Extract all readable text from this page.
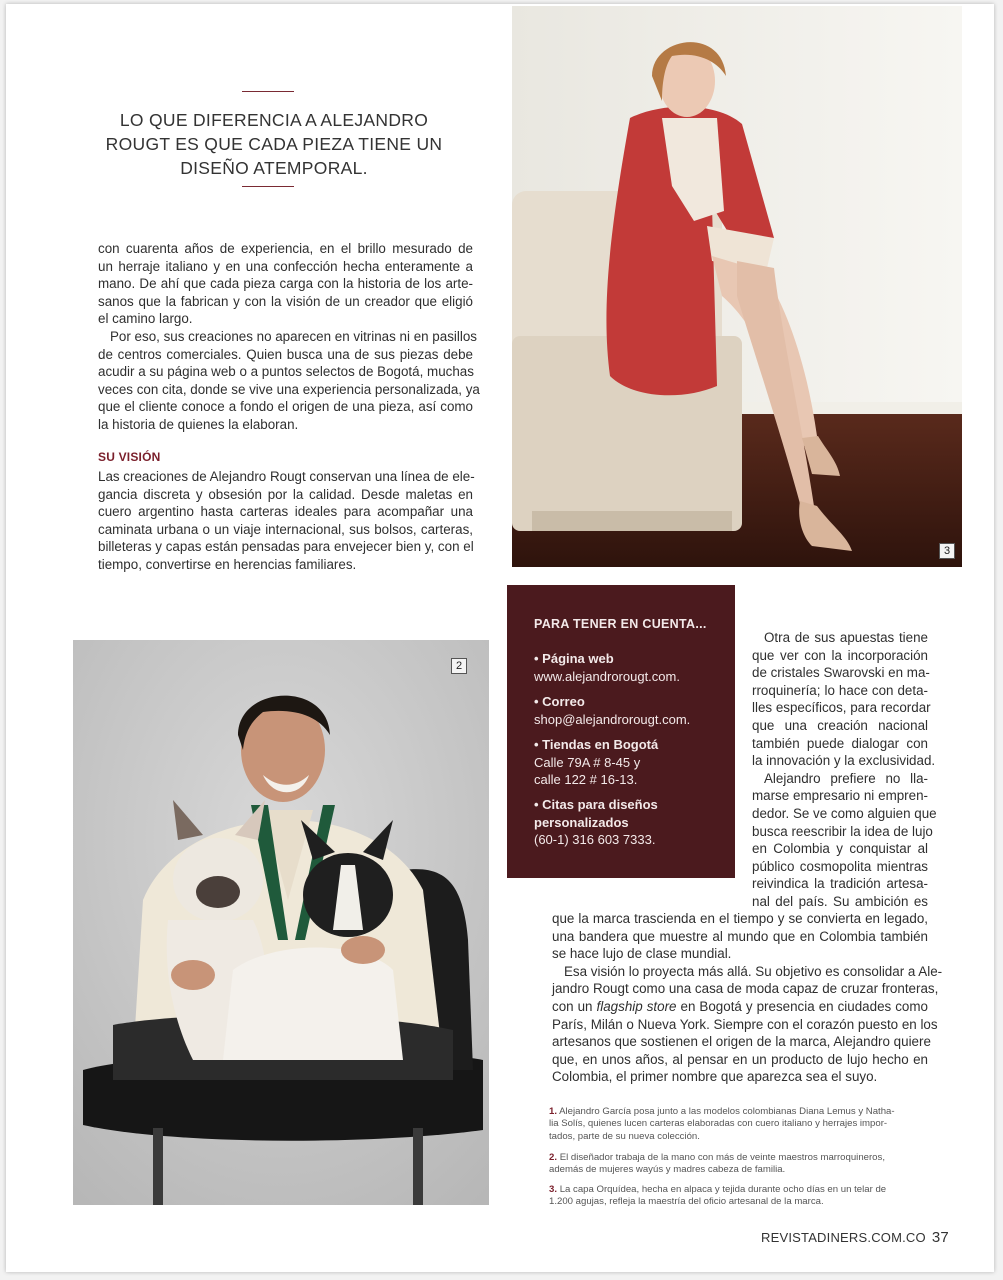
LO QUE DIFERENCIA A ALEJANDRO
ROUGT ES QUE CADA PIEZA TIENE UN
DISEÑO ATEMPORAL.
con cuarenta años de experiencia, en el brillo mesurado de
un herraje italiano y en una confección hecha enteramente a
mano. De ahí que cada pieza carga con la historia de los arte-
sanos que la fabrican y con la visión de un creador que eligió
el camino largo.
Por eso, sus creaciones no aparecen en vitrinas ni en pasillos
de centros comerciales. Quien busca una de sus piezas debe
acudir a su página web o a puntos selectos de Bogotá, muchas
veces con cita, donde se vive una experiencia personalizada, ya
que el cliente conoce a fondo el origen de una pieza, así como
la historia de quienes la elaboran.
SU VISIÓN
Las creaciones de Alejandro Rougt conservan una línea de ele-
gancia discreta y obsesión por la calidad. Desde maletas en
cuero argentino hasta carteras ideales para acompañar una
caminata urbana o un viaje internacional, sus bolsos, carteras,
billeteras y capas están pensadas para envejecer bien y, con el
tiempo, convertirse en herencias familiares.
3
2
PARA TENER EN CUENTA...
• Página web
www.alejandrorougt.com.
• Correo
shop@alejandrorougt.com.
• Tiendas en Bogotá
Calle 79A # 8-45 y
calle 122 # 16-13.
• Citas para diseños
personalizados
(60-1) 316 603 7333.
Otra de sus apuestas tiene
que ver con la incorporación
de cristales Swarovski en ma-
rroquinería; lo hace con deta-
lles específicos, para recordar
que una creación nacional
también puede dialogar con
la innovación y la exclusividad.
Alejandro prefiere no lla-
marse empresario ni empren-
dedor. Se ve como alguien que
busca reescribir la idea de lujo
en Colombia y conquistar al
público cosmopolita mientras
reivindica la tradición artesa-
nal del país. Su ambición es
que la marca trascienda en el tiempo y se convierta en legado,
una bandera que muestre al mundo que en Colombia también
se hace lujo de clase mundial.
Esa visión lo proyecta más allá. Su objetivo es consolidar a Ale-
jandro Rougt como una casa de moda capaz de cruzar fronteras,
con un flagship store en Bogotá y presencia en ciudades como
París, Milán o Nueva York. Siempre con el corazón puesto en los
artesanos que sostienen el origen de la marca, Alejandro quiere
que, en unos años, al pensar en un producto de lujo hecho en
Colombia, el primer nombre que aparezca sea el suyo.
1. Alejandro García posa junto a las modelos colombianas Diana Lemus y Natha-
lia Solís, quienes lucen carteras elaboradas con cuero italiano y herrajes impor-
tados, parte de su nueva colección.
2. El diseñador trabaja de la mano con más de veinte maestros marroquineros,
además de mujeres wayús y madres cabeza de familia.
3. La capa Orquídea, hecha en alpaca y tejida durante ocho días en un telar de
1.200 agujas, refleja la maestría del oficio artesanal de la marca.
REVISTADINERS.COM.CO 37
